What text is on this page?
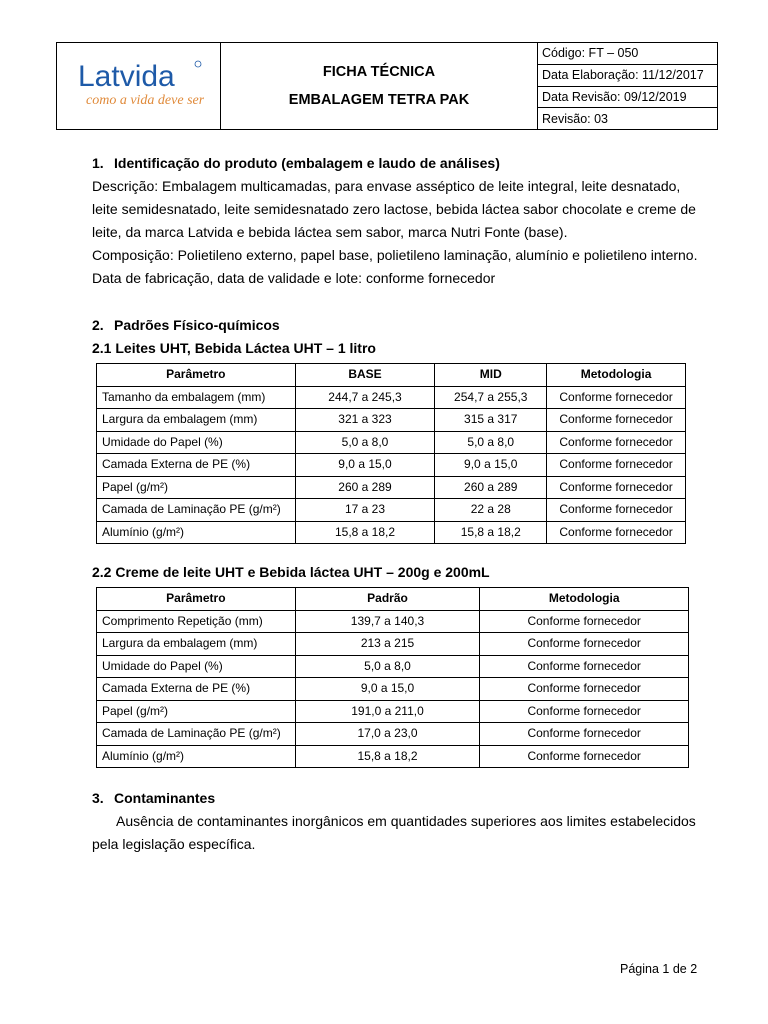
Latvida
como a vida deve ser
FICHA TÉCNICA
EMBALAGEM TETRA PAK
Código: FT – 050
Data Elaboração: 11/12/2017
Data Revisão: 09/12/2019
Revisão: 03
1. Identificação do produto (embalagem e laudo de análises)
Descrição: Embalagem multicamadas, para envase asséptico de leite integral, leite desnatado, leite semidesnatado, leite semidesnatado zero lactose, bebida láctea sabor chocolate e creme de leite, da marca Latvida e bebida láctea sem sabor, marca Nutri Fonte (base).
Composição: Polietileno externo, papel base, polietileno laminação, alumínio e polietileno interno.
Data de fabricação, data de validade e lote: conforme fornecedor
2. Padrões Físico-químicos
2.1 Leites UHT, Bebida Láctea UHT – 1 litro
Parâmetro	BASE	MID	Metodologia
Tamanho da embalagem (mm)	244,7 a 245,3	254,7 a 255,3	Conforme fornecedor
Largura da embalagem (mm)	321 a 323	315 a 317	Conforme fornecedor
Umidade do Papel (%)	5,0 a 8,0	5,0 a 8,0	Conforme fornecedor
Camada Externa de PE (%)	9,0 a 15,0	9,0 a 15,0	Conforme fornecedor
Papel (g/m²)	260 a 289	260 a 289	Conforme fornecedor
Camada de Laminação PE (g/m²)	17 a 23	22 a 28	Conforme fornecedor
Alumínio (g/m²)	15,8 a 18,2	15,8 a 18,2	Conforme fornecedor
2.2 Creme de leite UHT e Bebida láctea UHT – 200g e 200mL
Parâmetro	Padrão	Metodologia
Comprimento Repetição (mm)	139,7 a 140,3	Conforme fornecedor
Largura da embalagem (mm)	213 a 215	Conforme fornecedor
Umidade do Papel (%)	5,0 a 8,0	Conforme fornecedor
Camada Externa de PE (%)	9,0 a 15,0	Conforme fornecedor
Papel (g/m²)	191,0 a 211,0	Conforme fornecedor
Camada de Laminação PE (g/m²)	17,0 a 23,0	Conforme fornecedor
Alumínio (g/m²)	15,8 a 18,2	Conforme fornecedor
3. Contaminantes
Ausência de contaminantes inorgânicos em quantidades superiores aos limites estabelecidos pela legislação específica.
Página 1 de 2
